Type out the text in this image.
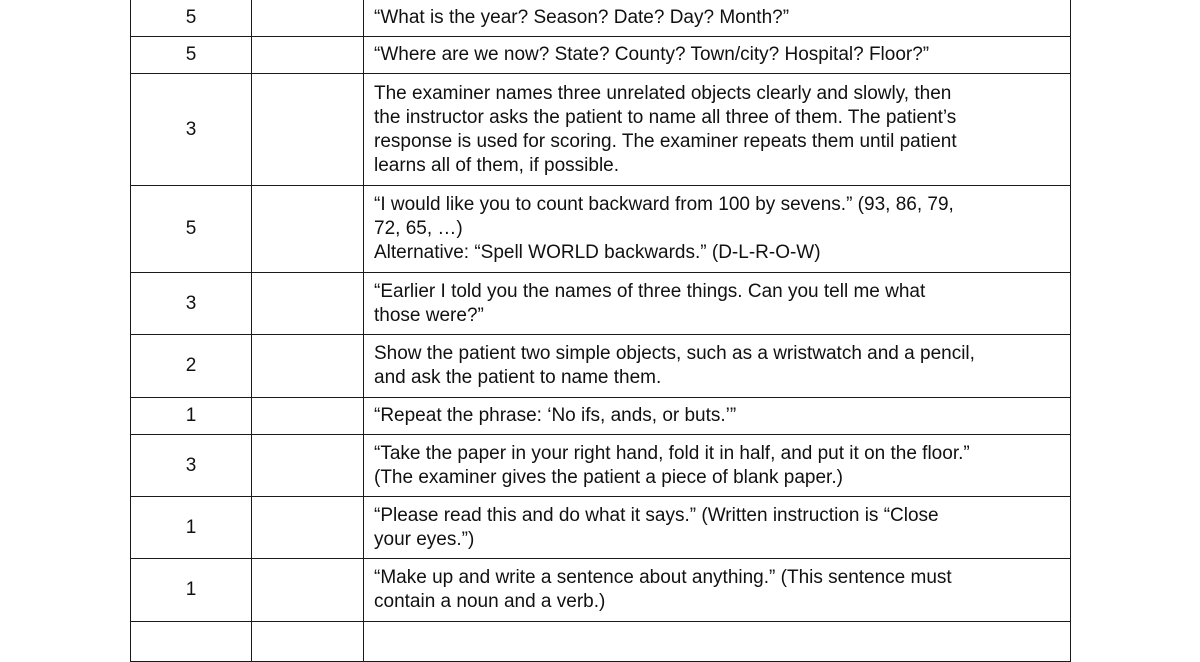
5		“What is the year? Season? Date? Day? Month?”

5		“Where are we now? State? County? Town/city? Hospital? Floor?”

3		The examiner names three unrelated objects clearly and slowly, then
the instructor asks the patient to name all three of them. The patient’s
response is used for scoring. The examiner repeats them until patient
learns all of them, if possible.

5		“I would like you to count backward from 100 by sevens.” (93, 86, 79,
72, 65, …)
Alternative: “Spell WORLD backwards.” (D-L-R-O-W)

3		“Earlier I told you the names of three things. Can you tell me what
those were?”

2		Show the patient two simple objects, such as a wristwatch and a pencil,
and ask the patient to name them.

1		“Repeat the phrase: ‘No ifs, ands, or buts.’”

3		“Take the paper in your right hand, fold it in half, and put it on the floor.”
(The examiner gives the patient a piece of blank paper.)

1		“Please read this and do what it says.” (Written instruction is “Close
your eyes.”)

1		“Make up and write a sentence about anything.” (This sentence must
contain a noun and a verb.)
